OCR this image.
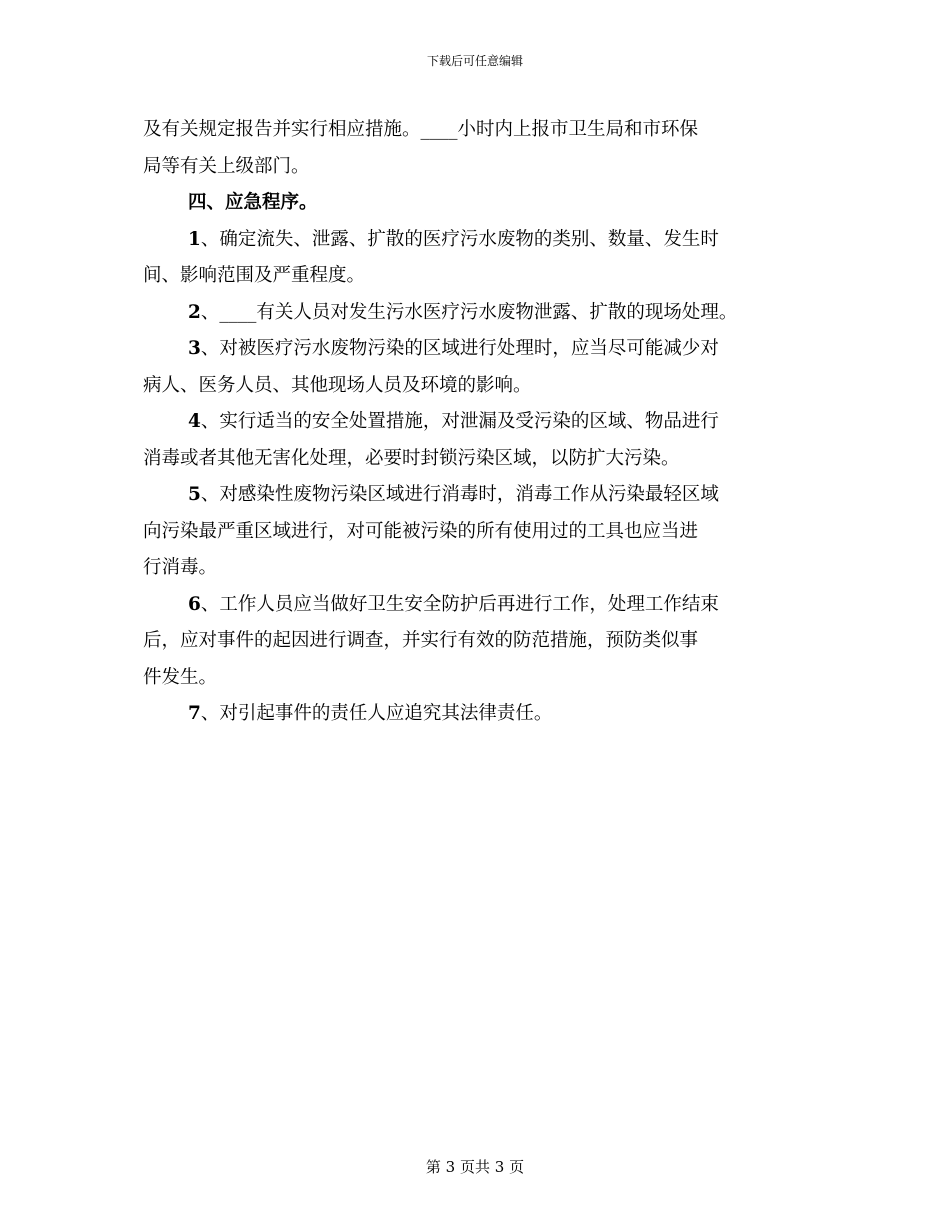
下载后可任意编辑

及有关规定报告并实行相应措施。____小时内上报市卫生局和市环保

局等有关上级部门。

四、应急程序。

1、确定流失、泄露、扩散的医疗污水废物的类别、数量、发生时

间、影响范围及严重程度。

2、____有关人员对发生污水医疗污水废物泄露、扩散的现场处理。

3、对被医疗污水废物污染的区域进行处理时，应当尽可能减少对

病人、医务人员、其他现场人员及环境的影响。

4、实行适当的安全处置措施，对泄漏及受污染的区域、物品进行

消毒或者其他无害化处理，必要时封锁污染区域，以防扩大污染。

5、对感染性废物污染区域进行消毒时，消毒工作从污染最轻区域

向污染最严重区域进行，对可能被污染的所有使用过的工具也应当进

行消毒。

6、工作人员应当做好卫生安全防护后再进行工作，处理工作结束

后，应对事件的起因进行调查，并实行有效的防范措施，预防类似事

件发生。

7、对引起事件的责任人应追究其法律责任。

第 3 页共 3 页
